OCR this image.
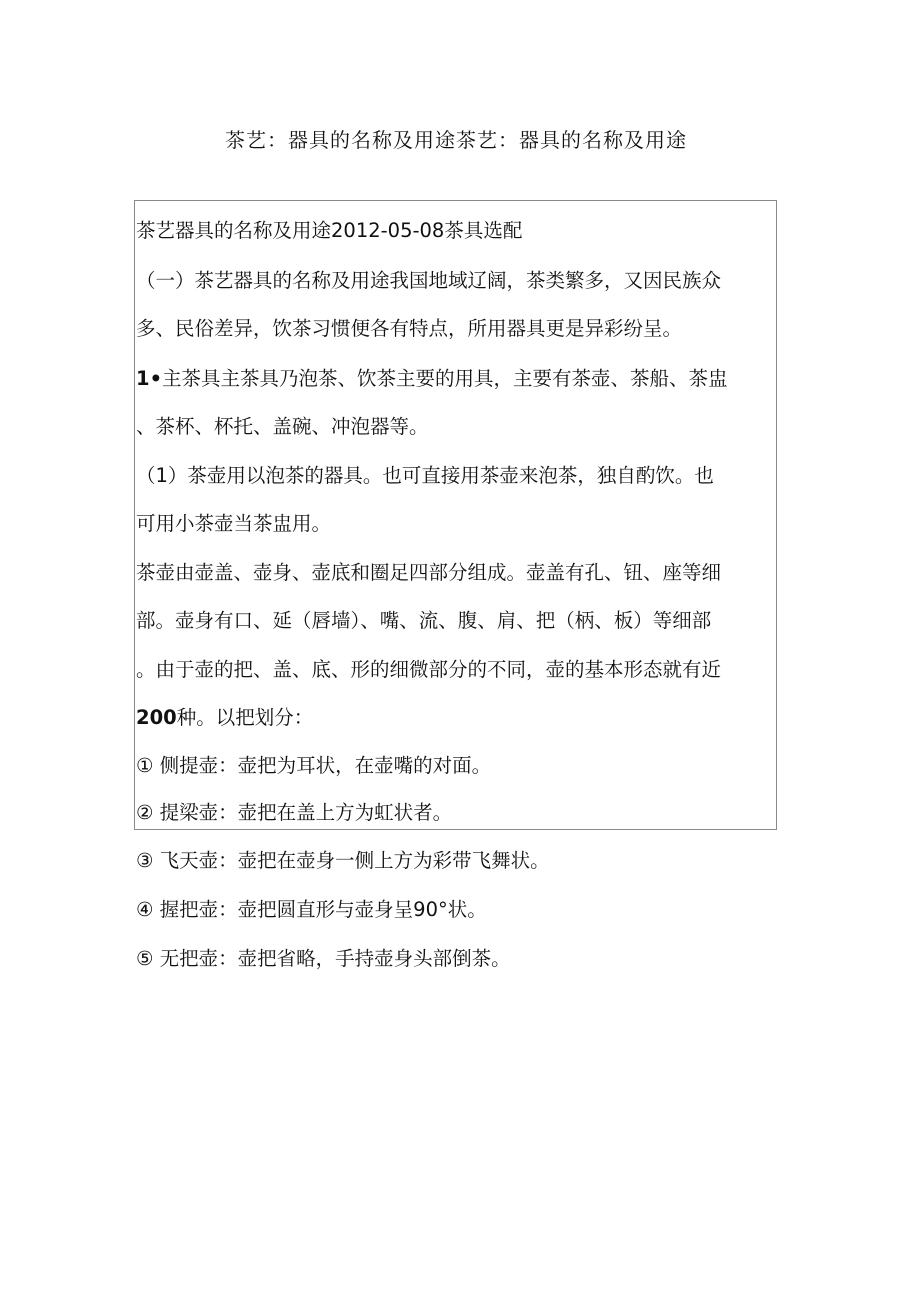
茶艺：器具的名称及用途茶艺：器具的名称及用途
茶艺器具的名称及用途2012-05-08茶具选配
（一）茶艺器具的名称及用途我国地域辽阔，茶类繁多，又因民族众
多、民俗差异，饮茶习惯便各有特点，所用器具更是异彩纷呈。
1•主茶具主茶具乃泡茶、饮茶主要的用具，主要有茶壶、茶船、茶盅
、茶杯、杯托、盖碗、冲泡器等。
（1）茶壶用以泡茶的器具。也可直接用茶壶来泡茶，独自酌饮。也
可用小茶壶当茶盅用。
茶壶由壶盖、壶身、壶底和圈足四部分组成。壶盖有孔、钮、座等细
部。壶身有口、延（唇墙）、嘴、流、腹、肩、把（柄、板）等细部
。由于壶的把、盖、底、形的细微部分的不同，壶的基本形态就有近
200种。以把划分：
① 侧提壶：壶把为耳状，在壶嘴的对面。
② 提梁壶：壶把在盖上方为虹状者。
③ 飞天壶：壶把在壶身一侧上方为彩带飞舞状。
④ 握把壶：壶把圆直形与壶身呈90°状。
⑤ 无把壶：壶把省略，手持壶身头部倒茶。
